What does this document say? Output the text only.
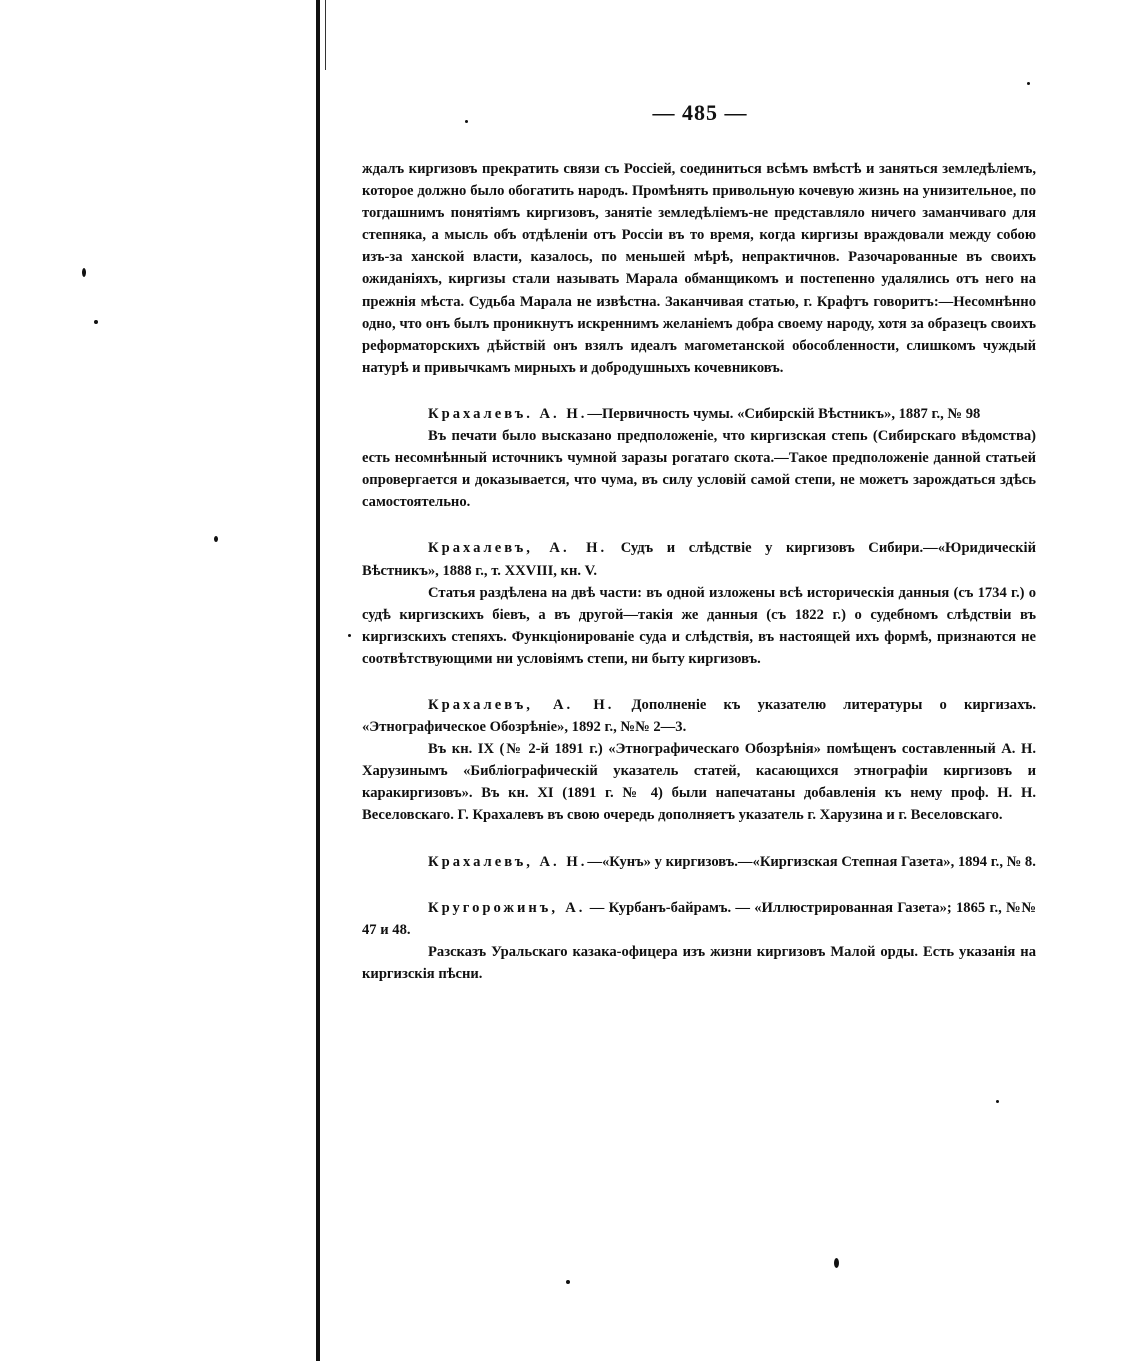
— 485 —

ждалъ киргизовъ прекратить связи съ Россіей, соединиться всѣмъ вмѣстѣ и заняться земледѣліемъ, которое должно было обогатить народъ. Промѣнять привольную кочевую жизнь на унизительное, по тогдашнимъ понятіямъ киргизовъ, занятіе земледѣліемъ-не представляло ничего заманчиваго для степняка, а мысль объ отдѣленіи отъ Россіи въ то время, когда киргизы враждовали между собою изъ-за ханской власти, казалось, по меньшей мѣрѣ, непрактичнов. Разочарованные въ своихъ ожиданіяхъ, киргизы стали называть Марала обманщикомъ и постепенно удалялись отъ него на прежнія мѣста. Судьба Марала не извѣстна. Заканчивая статью, г. Крафтъ говоритъ:—Несомнѣнно одно, что онъ былъ проникнутъ искреннимъ желаніемъ добра своему народу, хотя за образецъ своихъ реформаторскихъ дѣйствій онъ взялъ идеалъ магометанской обособленности, слишкомъ чуждый натурѣ и привычкамъ мирныхъ и добродушныхъ кочевниковъ.

Крахалевъ. А. Н.—Первичность чумы. «Сибирскій Вѣстникъ», 1887 г., № 98

Въ печати было высказано предположеніе, что киргизская степь (Сибирскаго вѣдомства) есть несомнѣнный источникъ чумной заразы рогатаго скота.—Такое предположеніе данной статьей опровергается и доказывается, что чума, въ силу условій самой степи, не можетъ зарождаться здѣсь самостоятельно.

Крахалевъ, А. Н. Судъ и слѣдствіе у киргизовъ Сибири.—«Юридическій Вѣстникъ», 1888 г., т. XXVIII, кн. V.

Статья раздѣлена на двѣ части: въ одной изложены всѣ историческія данныя (съ 1734 г.) о судѣ киргизскихъ біевъ, а въ другой—такія же данныя (съ 1822 г.) о судебномъ слѣдствіи въ киргизскихъ степяхъ. Функціонированіе суда и слѣдствія, въ настоящей ихъ формѣ, признаются не соотвѣтствующими ни условіямъ степи, ни быту киргизовъ.

Крахалевъ, А. Н. Дополненіе къ указателю литературы о киргизахъ. «Этнографическое Обозрѣніе», 1892 г., №№ 2—3.

Въ кн. IX (№ 2-й 1891 г.) «Этнографическаго Обозрѣнія» помѣщенъ составленный А. Н. Харузинымъ «Библіографическій указатель статей, касающихся этнографіи киргизовъ и каракиргизовъ». Въ кн. XI (1891 г. № 4) были напечатаны добавленія къ нему проф. Н. Н. Веселовскаго. Г. Крахалевъ въ свою очередь дополняетъ указатель г. Харузина и г. Веселовскаго.

Крахалевъ, А. Н.—«Кунъ» у киргизовъ.—«Киргизская Степная Газета», 1894 г., № 8.

Кругорожинъ, А. — Курбанъ-байрамъ. — «Иллюстрированная Газета»; 1865 г., №№ 47 и 48.

Разсказъ Уральскаго казака-офицера изъ жизни киргизовъ Малой орды. Есть указанія на киргизскія пѣсни.
